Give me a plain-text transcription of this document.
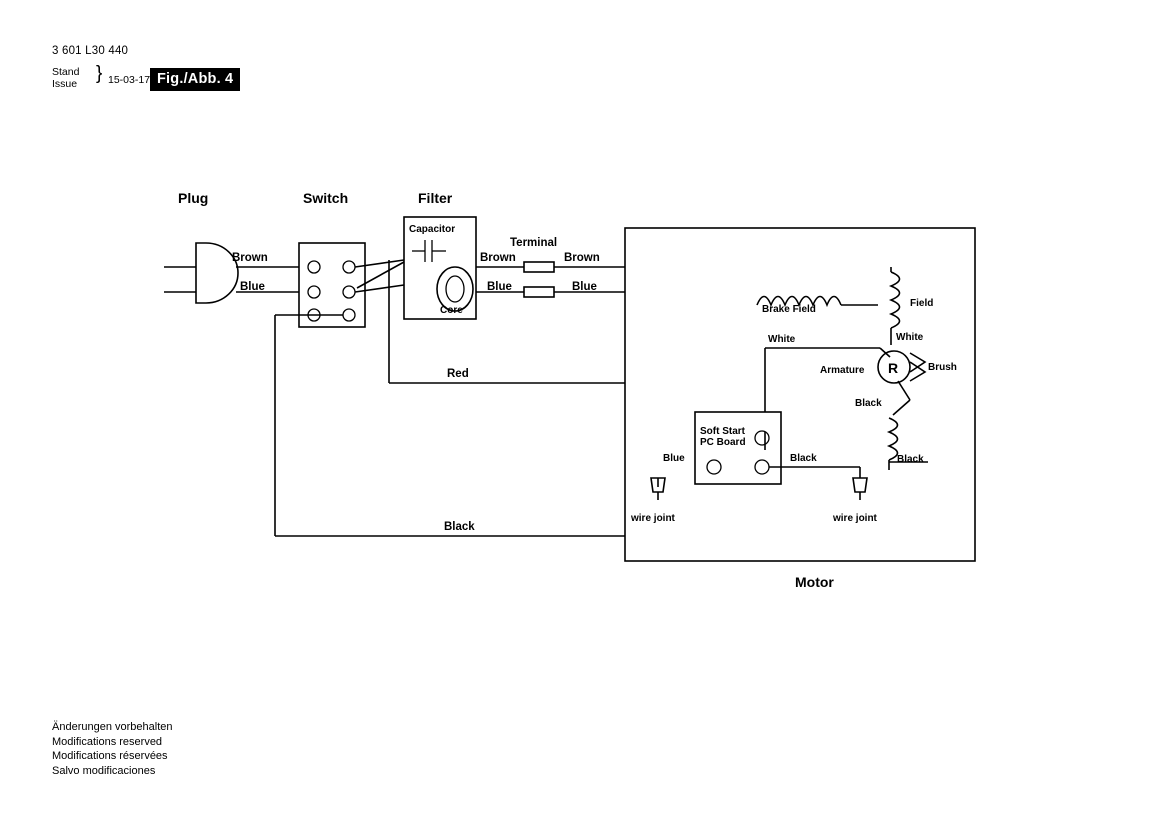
3 601 L30 440
Stand
Issue } 15-03-17 Fig./Abb. 4
Änderungen vorbehalten
Modifications reserved
Modifications réservées
Salvo modificaciones
Plug	Switch	Filter
Motor
Brown
Blue
Capacitor
Core
Brown
Blue
Terminal
Brown
Blue
Red
Black
Brake Field
Field
R
Armature	Brush
White
White
Black
Black
Soft Start
PC Board
Blue	Black
wire joint	wire joint
